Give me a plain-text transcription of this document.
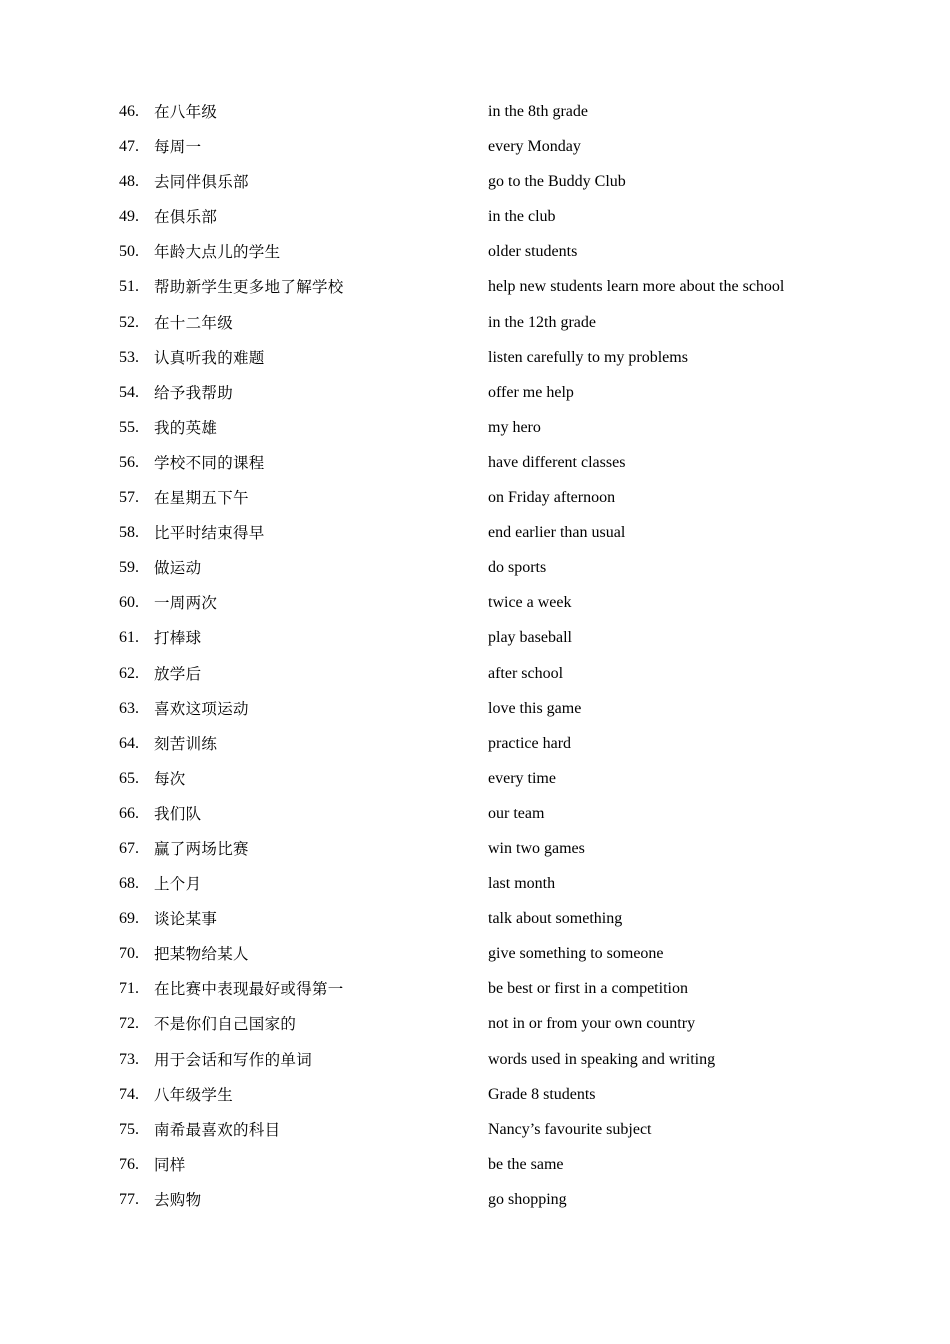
46. 在八年级	in the 8th grade
47. 每周一	every Monday
48. 去同伴俱乐部	go to the Buddy Club
49. 在俱乐部	in the club
50. 年龄大点儿的学生	older students
51. 帮助新学生更多地了解学校	help new students learn more about the school
52. 在十二年级	in the 12th grade
53. 认真听我的难题	listen carefully to my problems
54. 给予我帮助	offer me help
55. 我的英雄	my hero
56. 学校不同的课程	have different classes
57. 在星期五下午	on Friday afternoon
58. 比平时结束得早	end earlier than usual
59. 做运动	do sports
60. 一周两次	twice a week
61. 打棒球	play baseball
62. 放学后	after school
63. 喜欢这项运动	love this game
64. 刻苦训练	practice hard
65. 每次	every time
66. 我们队	our team
67. 赢了两场比赛	win two games
68. 上个月	last month
69. 谈论某事	talk about something
70. 把某物给某人	give something to someone
71. 在比赛中表现最好或得第一	be best or first in a competition
72. 不是你们自己国家的	not in or from your own country
73. 用于会话和写作的单词	words used in speaking and writing
74. 八年级学生	Grade 8 students
75. 南希最喜欢的科目	Nancy’s favourite subject
76. 同样	be the same
77. 去购物	go shopping
